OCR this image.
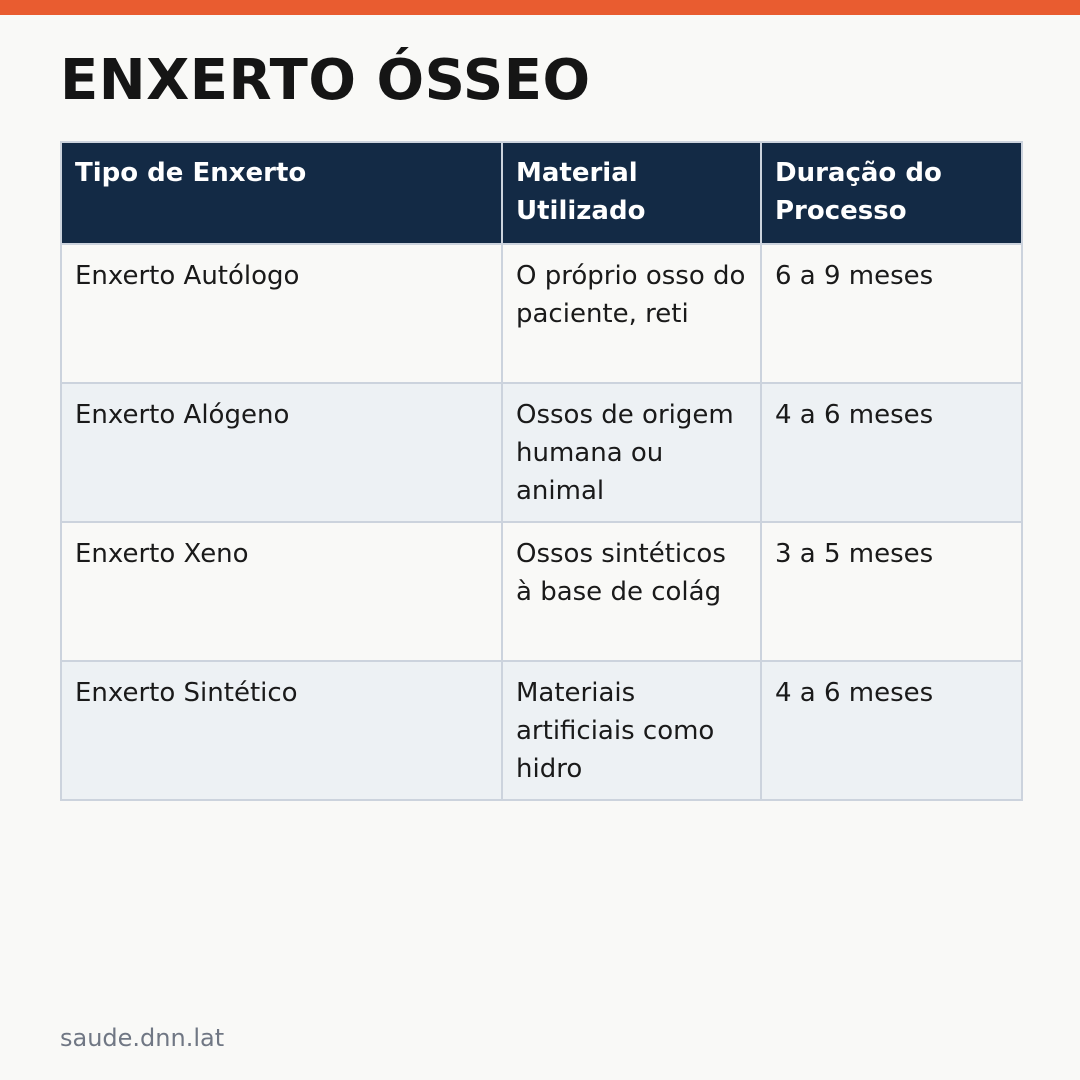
ENXERTO ÓSSEO
Tipo de Enxerto	Material Utilizado	Duração do Processo
Enxerto Autólogo	O próprio osso do paciente, reti	6 a 9 meses
Enxerto Alógeno	Ossos de origem humana ou animal	4 a 6 meses
Enxerto Xeno	Ossos sintéticos à base de colág	3 a 5 meses
Enxerto Sintético	Materiais artificiais como hidro	4 a 6 meses
saude.dnn.lat
